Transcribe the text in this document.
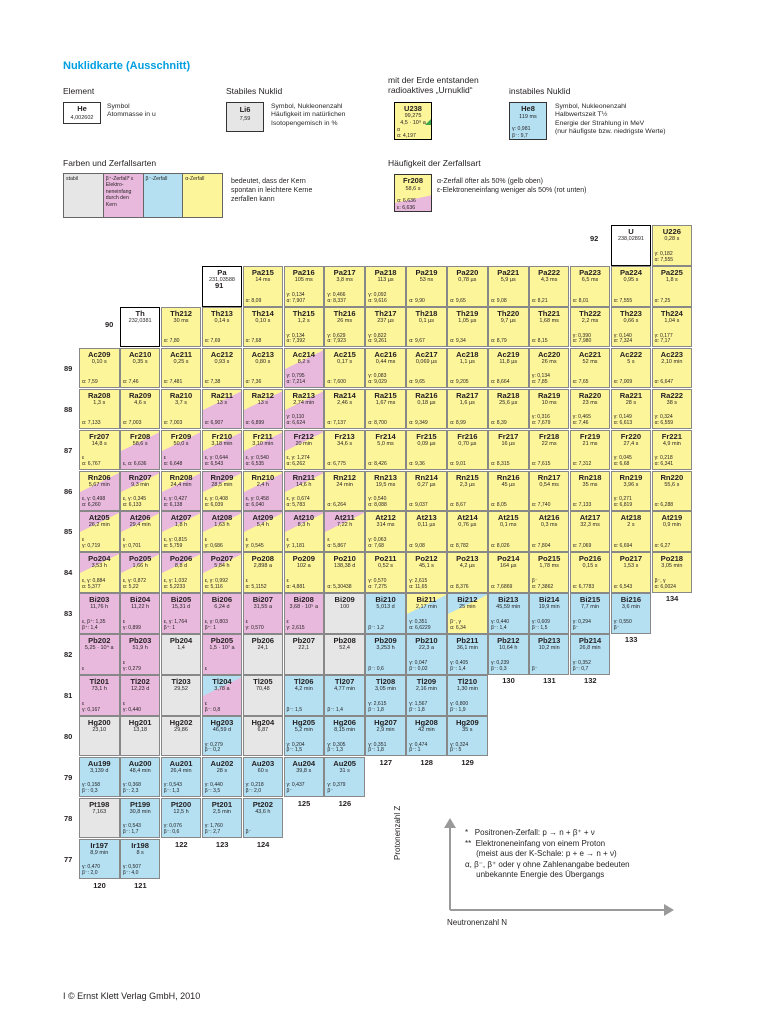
Nuklidkarte (Ausschnitt)
Element
He
4,002602
Symbol
Atommasse in u
Stabiles Nuklid
Li6
7,59
Symbol, Nukleonenzahl
Häufigkeit im natürlichen
Isotopengemisch in %
mit der Erde entstanden
radioaktives „Urnuklid“
U238
99,275
4,5 · 10⁹ a
α
α: 4,197
instabiles Nuklid
He8
119 ms
γ: 0,981
β⁻: 9,7
Symbol, Nukleonenzahl
Halbwertszeit T½
Energie der Strahlung in MeV
(nur häufigste bzw. niedrigste Werte)
Farben und Zerfallsarten
stabil	β⁺-Zerfall* ε Elektro-neneinfang durch den Kern
β⁻-Zerfall	α-Zerfall	bedeutet, dass der Kern
spontan in leichtere Kerne
zerfallen kann
Häufigkeit der Zerfallsart
Fr208
58,6 s
α: 6,636
ε: 6,636
α-Zerfall öfter als 50% (gelb oben)
ε-Elektroneneinfang weniger als 50% (rot unten)
U226
0,28 s
γ: 0,182
α: 7,555
Pa215
14 ms
α: 8,09
Pa216
105 ms
γ: 0,134
α: 7,907
Pa217
3,8 ms
γ: 0,466
α: 8,337
Pa218
113 µs
γ: 0,092
α: 9,616
Pa219
53 ns
α: 9,90
Pa220
0,78 µs
α: 9,65
Pa221
5,9 µs
α: 9,08
Pa222
4,3 ms
α: 8,21
Pa223
6,5 ms
α: 8,01
Pa224
0,95 s
α: 7,555
Pa225
1,8 s
α: 7,25
Th212
30 ms
α: 7,80
Th213
0,14 s
α: 7,69
Th214
0,10 s
α: 7,68
Th215
1,2 s
γ: 0,134
α: 7,392
Th216
26 ms
γ: 0,629
α: 7,923
Th217
237 µs
γ: 0,822
α: 9,261
Th218
0,1 µs
α: 9,67
Th219
1,05 µs
α: 9,34
Th220
9,7 µs
α: 8,79
Th221
1,68 ms
α: 8,15
Th222
2,2 ms
γ: 0,390
α: 7,980
Th223
0,66 s
γ: 0,140
α: 7,324
Th224
1,04 s
γ: 0,177
α: 7,17
Ac209
0,10 s
α: 7,59
Ac210
0,35 s
α: 7,46
Ac211
0,25 s
α: 7,481
Ac212
0,93 s
α: 7,38
Ac213
0,80 s
α: 7,36
Ac214
8,2 s
γ: 0,795
α: 7,214
Ac215
0,17 s
α: 7,600
Ac216
0,44 ms
γ: 0,083
α: 9,029
Ac217
0,069 µs
α: 9,65
Ac218
1,1 µs
α: 9,205
Ac219
11,8 µs
α: 8,664
Ac220
26 ms
γ: 0,134
α: 7,85
Ac221
52 ms
α: 7,65
Ac222
5 s
α: 7,009
Ac223
2,10 min
α: 6,647
Ra208
1,3 s
α: 7,133
Ra209
4,6 s
α: 7,003
Ra210
3,7 s
α: 7,003
Ra211
13 s
α: 6,907
Ra212
13 s
α: 6,899
Ra213
2,74 min
γ: 0,110
α: 6,624
Ra214
2,46 s
α: 7,137
Ra215
1,67 ms
α: 8,700
Ra216
0,18 µs
α: 9,349
Ra217
1,6 µs
α: 8,99
Ra218
25,6 µs
α: 8,39
Ra219
10 ms
γ: 0,316
α: 7,679
Ra220
23 ms
γ: 0,465
α: 7,46
Ra221
28 s
γ: 0,149
α: 6,613
Ra222
38 s
γ: 0,324
α: 6,559
Fr207
14,8 s
ε
α: 6,767
Fr208
58,6 s
ε, α: 6,636
Fr209
50,0 s
ε
α: 6,648
Fr210
3,18 min
ε, γ: 0,644
α: 6,543
Fr211
3,10 min
ε, γ: 0,540
α: 6,535
Fr212
20 min
ε, γ: 1,274
α: 6,262
Fr213
34,6 s
α: 6,775
Fr214
5,0 ms
α: 8,426
Fr215
0,09 µs
α: 9,36
Fr216
0,70 µs
α: 9,01
Fr217
16 µs
α: 8,315
Fr218
22 ms
α: 7,615
Fr219
21 ms
α: 7,312
Fr220
27,4 s
γ: 0,045
α: 6,68
Fr221
4,9 min
γ: 0,218
α: 6,341
Rn206
5,67 min
ε, γ: 0,498
α: 6,260
Rn207
9,3 min
ε, γ: 0,345
α: 6,133
Rn208
24,4 min
ε, γ: 0,427
α: 6,138
Rn209
28,5 min
ε, γ: 0,408
α: 6,039
Rn210
2,4 h
ε, γ: 0,458
α: 6,040
Rn211
14,6 h
ε, γ: 0,674
α: 5,783
Rn212
24 min
α: 6,264
Rn213
19,5 ms
γ: 0,540
α: 8,088
Rn214
0,27 µs
α: 9,037
Rn215
2,3 µs
α: 8,67
Rn216
45 µs
α: 8,05
Rn217
0,54 ms
α: 7,740
Rn218
35 ms
α: 7,133
Rn219
3,96 s
γ: 0,271
α: 6,819
Rn220
55,6 s
α: 6,288
At205
26,2 min
ε
γ: 0,719
At206
29,4 min
ε
γ: 0,701
At207
1,8 h
ε, γ: 0,815
α: 5,759
At208
1,63 h
ε
γ: 0,686
At209
5,4 h
ε
γ: 0,545
At210
8,3 h
ε
γ: 1,181
At211
7,22 h
ε
α: 5,867
At212
314 ms
γ: 0,063
α: 7,68
At213
0,11 µs
α: 9,08
At214
0,76 µs
α: 8,782
At215
0,1 ms
α: 8,026
At216
0,3 ms
α: 7,804
At217
32,3 ms
α: 7,069
At218
2 s
α: 6,694
At219
0,9 min
α: 6,27
Po204
3,53 h
ε, γ: 0,884
α: 5,377
Po205
1,66 h
ε, γ: 0,872
α: 5,22
Po206
8,8 d
ε, γ: 1,032
α: 5,2233
Po207
5,84 h
ε, γ: 0,992
α: 5,116
Po208
2,898 a
ε
α: 5,1152
Po209
102 a
ε
α: 4,881
Po210
138,38 d
α: 5,30438
Po211
0,52 s
γ: 0,570
α: 7,275
Po212
45,1 s
γ: 2,615
α: 11,65
Po213
4,2 µs
α: 8,376
Po214
164 µs
α: 7,6869
Po215
1,78 ms
β⁻
α: 7,3862
Po216
0,15 s
α: 6,7783
Po217
1,53 s
α: 6,543
Po218
3,05 min
β⁻, γ
α: 6,0024
Bi203
11,76 h
ε, β⁺: 1,35
β⁺: 1,4
Bi204
11,22 h
ε
γ: 0,899
Bi205
15,31 d
ε, γ: 1,764
β⁺: 1
Bi206
6,24 d
ε, γ: 0,803
β⁺: 1
Bi207
31,55 a
ε
γ: 0,570
Bi208
3,68 · 10⁵ a
ε
γ: 2,615
Bi209
100
Bi210
5,013 d
β⁻: 1,2
Bi211
2,17 min
γ: 0,351
α: 6,6229
Bi212
25 min
β⁻, γ
α: 6,34
Bi213
45,59 min
γ: 0,440
β⁻: 1,4
Bi214
19,9 min
γ: 0,609
β⁻: 1,5
Bi215
7,7 min
γ: 0,294
β⁻
Bi216
3,6 min
γ: 0,550
β⁻
Pb202
5,25 · 10⁴ a
ε
Pb203
51,9 h
ε
γ: 0,279
Pb204
1,4
Pb205
1,5 · 10⁷ a
ε
Pb206
24,1
Pb207
22,1
Pb208
52,4
Pb209
3,253 h
β⁻: 0,6
Pb210
22,3 a
γ: 0,047
β⁻: 0,02
Pb211
36,1 min
γ: 0,405
β⁻: 1,4
Pb212
10,64 h
γ: 0,239
β⁻: 0,3
Pb213
10,2 min
β⁻
Pb214
26,8 min
γ: 0,352
β⁻: 0,7
Tl201
73,1 h
ε
γ: 0,167
Tl202
12,23 d
ε
γ: 0,440
Tl203
29,52
Tl204
3,78 a
ε
β⁻: 0,8
Tl205
70,48
Tl206
4,2 min
β⁻: 1,5
Tl207
4,77 min
β⁻: 1,4
Tl208
3,05 min
γ: 2,615
β⁻: 1,8
Tl209
2,16 min
γ: 1,567
β⁻: 1,8
Tl210
1,30 min
γ: 0,800
β⁻: 1,9
Hg200
23,10
Hg201
13,18
Hg202
29,86
Hg203
46,59 d
γ: 0,279
β⁻: 0,2
Hg204
6,87
Hg205
5,2 min
γ: 0,204
β⁻: 1,5
Hg206
8,15 min
γ: 0,305
β⁻: 1,3
Hg207
2,9 min
γ: 0,351
β⁻: 1,8
Hg208
42 min
γ: 0,474
β⁻: 1
Hg209
35 s
γ: 0,324
β⁻: 5
Au199
3,139 d
γ: 0,158
β⁻: 0,3
Au200
48,4 min
γ: 0,368
β⁻: 2,3
Au201
26,4 min
γ: 0,543
β⁻: 1,3
Au202
28 s
γ: 0,440
β⁻: 3,5
Au203
60 s
γ: 0,218
β⁻: 2,0
Au204
39,8 s
γ: 0,437
β⁻
Au205
31 s
γ: 0,379
β⁻
Pt198
7,163
Pt199
30,8 min
γ: 0,543
β⁻: 1,7
Pt200
12,5 h
γ: 0,076
β⁻: 0,6
Pt201
2,5 min
γ: 1,760
β⁻: 2,7
Pt202
43,6 h
β⁻
Ir197
8,9 min
γ: 0,470
β⁻: 2,0
Ir198
8 s
γ: 0,507
β⁻: 4,0
U
238,02891
Pa
231,03588
Th
232,0381
92
91
90
89
88
87
86
85
84
83
82
81
80
79
78
77
120	121
122	123	124
125	126
127	128	129
130	131	132
133
134
*   Positronen-Zerfall: p → n + β⁺ + ν
**  Elektroneneinfang von einem Proton
(meist aus der K-Schale: p + e → n + ν)
α, β⁻, β⁺ oder γ ohne Zahlenangabe bedeuten
unbekannte Energie des Übergangs
Protonenzahl Z
Neutronenzahl N
I © Ernst Klett Verlag GmbH, 2010
